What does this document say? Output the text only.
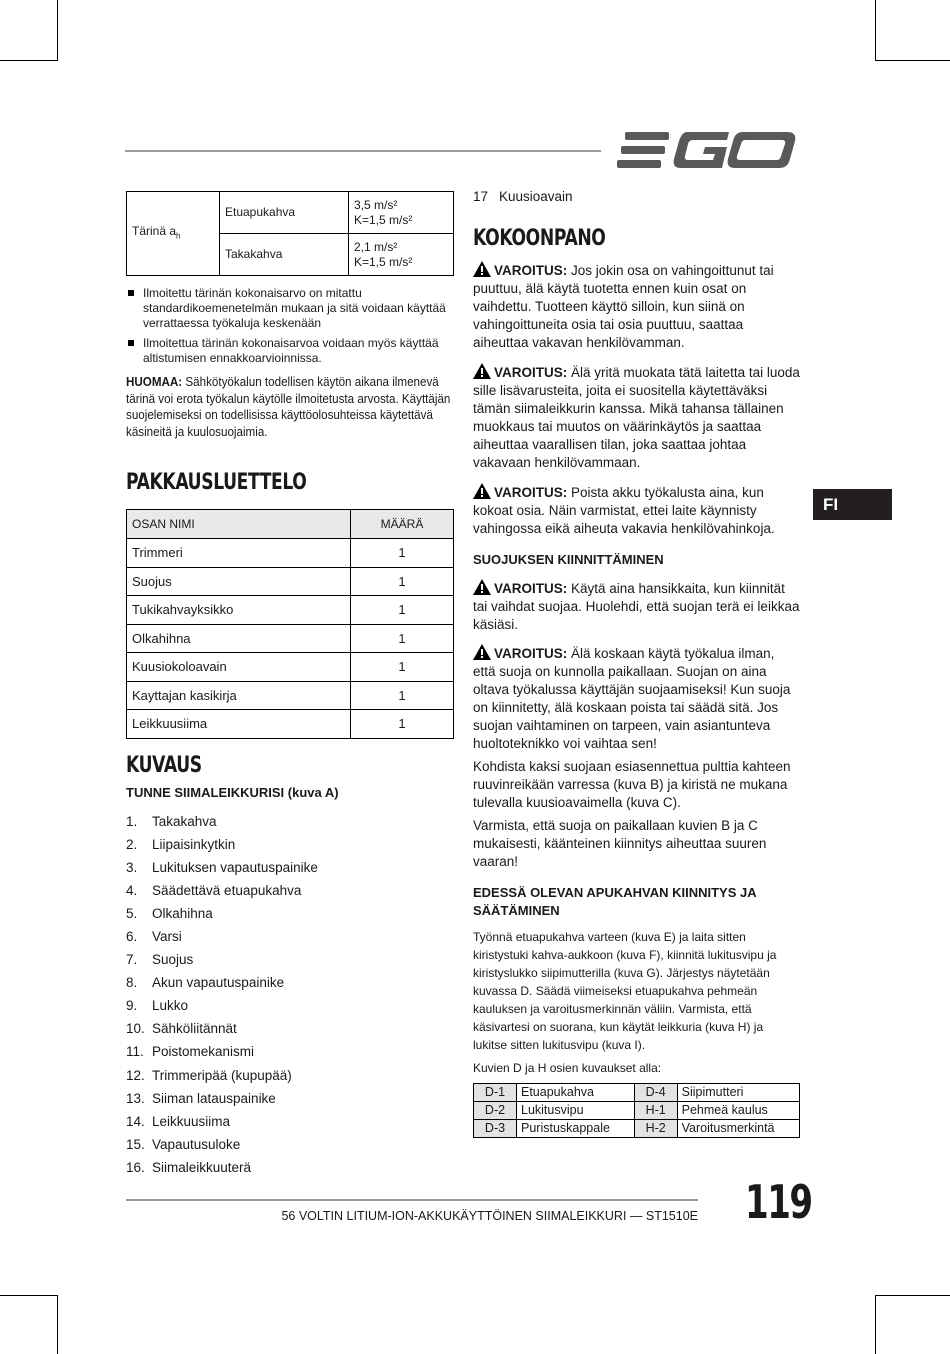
Tärinä $a_h$	Etuapukahva	3,5 m/s²
K=1,5 m/s²

	Takakahva	2,1 m/s²
K=1,5 m/s²
Ilmoitettu tärinän kokonaisarvo on mitattu standardikoemenetelmän mukaan ja sitä voidaan käyttää verrattaessa työkaluja keskenään
Ilmoitettua tärinän kokonaisarvoa voidaan myös käyttää altistumisen ennakkoarvioinnissa.
HUOMAA: Sähkötyökalun todellisen käytön aikana ilmenevä tärinä voi erota työkalun käytölle ilmoitetusta arvosta. Käyttäjän suojelemiseksi on todellisissa käyttöolosuhteissa käytettävä käsineitä ja kuulosuojaimia.
PAKKAUSLUETTELO
OSAN NIMI	MÄÄRÄ
Trimmeri	1
Suojus	1
Tukikahvayksikko	1
Olkahihna	1
Kuusiokoloavain	1
Kayttajan kasikirja	1
Leikkuusiima	1
KUVAUS
TUNNE SIIMALEIKKURISI (kuva A)
1.	Takakahva
2.	Liipaisinkytkin
3.	Lukituksen vapautuspainike
4.	Säädettävä etuapukahva
5.	Olkahihna
6.	Varsi
7.	Suojus
8.	Akun vapautuspainike
9.	Lukko
10. Sähköliitännät
11. Poistomekanismi
12. Trimmeripää (kupupää)
13. Siiman latauspainike
14. Leikkuusiima
15. Vapautusuloke
16. Siimaleikkuuterä
17 Kuusioavain
KOKOONPANO

VAROITUS: Jos jokin osa on vahingoittunut tai puuttuu, älä käytä tuotetta ennen kuin osat on vaihdettu. Tuotteen käyttö silloin, kun siinä on vahingoittuneita osia tai osia puuttuu, saattaa aiheuttaa vakavan henkilövamman.

VAROITUS: Älä yritä muokata tätä laitetta tai luoda sille lisävarusteita, joita ei suositella käytettäväksi tämän siimaleikkurin kanssa. Mikä tahansa tällainen muokkaus tai muutos on väärinkäytös ja saattaa aiheuttaa vaarallisen tilan, joka saattaa johtaa vakavaan henkilövammaan.

VAROITUS: Poista akku työkalusta aina, kun kokoat osia. Näin varmistat, ettei laite käynnisty vahingossa eikä aiheuta vakavia henkilövahinkoja.

SUOJUKSEN KIINNITTÄMINEN

VAROITUS: Käytä aina hansikkaita, kun kiinnität tai vaihdat suojaa. Huolehdi, että suojan terä ei leikkaa käsiäsi.

VAROITUS: Älä koskaan käytä työkalua ilman, että suoja on kunnolla paikallaan. Suojan on aina oltava työkalussa käyttäjän suojaamiseksi! Kun suoja on kiinnitetty, älä koskaan poista tai säädä sitä. Jos suojan vaihtaminen on tarpeen, vain asiantunteva huoltoteknikko voi vaihtaa sen!

Kohdista kaksi suojaan esiasennettua pulttia kahteen ruuvinreikään varressa (kuva B) ja kiristä ne mukana tulevalla kuusioavaimella (kuva C).

Varmista, että suoja on paikallaan kuvien B ja C mukaisesti, käänteinen kiinnitys aiheuttaa suuren vaaran!

EDESSÄ OLEVAN APUKAHVAN KIINNITYS JA SÄÄTÄMINEN

Työnnä etuapukahva varteen (kuva E) ja laita sitten kiristystuki kahva-aukkoon (kuva F), kiinnitä lukitusvipu ja kiristyslukko siipimutterilla (kuva G). Järjestys näytetään kuvassa D. Säädä viimeiseksi etuapukahva pehmeän kauluksen ja varoitusmerkinnän väliin. Varmista, että käsivartesi on suorana, kun käytät leikkuria (kuva H) ja lukitse sitten lukitusvipu (kuva I).

Kuvien D ja H osien kuvaukset alla:

D-1	Etuapukahva	D-4	Siipimutteri
D-2	Lukitusvipu	H-1	Pehmeä kaulus
D-3	Puristuskappale	H-2	Varoitusmerkintä
FI
56 VOLTIN LITIUM-ION-AKKUKÄYTTÖINEN SIIMALEIKKURI — ST1510E 119
